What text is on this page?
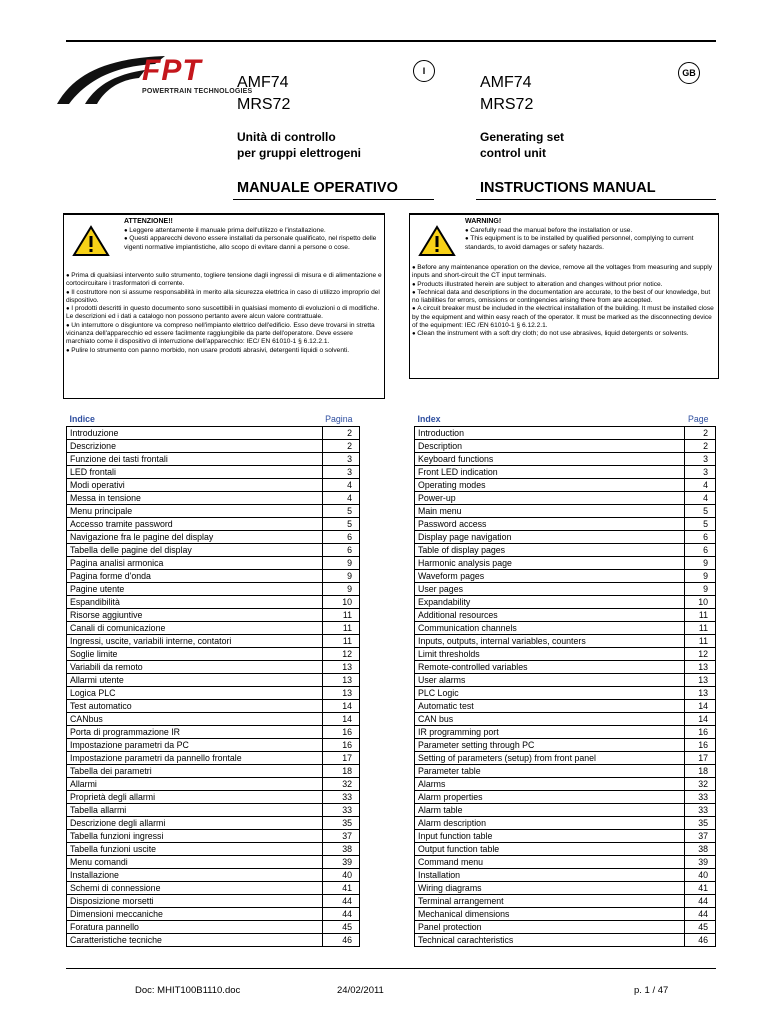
FPT
POWERTRAIN TECHNOLOGIES
AMF74
MRS72
I
Unità di controllo
per gruppi elettrogeni
MANUALE OPERATIVO
AMF74
MRS72
GB
Generating set
control unit
INSTRUCTIONS MANUAL
ATTENZIONE!!
● Leggere attentamente il manuale prima dell'utilizzo e l'installazione.
● Questi apparecchi devono essere installati da personale qualificato, nel rispetto delle vigenti normative impiantistiche, allo scopo di evitare danni a persone o cose.
● Prima di qualsiasi intervento sullo strumento, togliere tensione dagli ingressi di misura e di alimentazione e cortocircuitare i trasformatori di corrente.
● Il costruttore non si assume responsabilità in merito alla sicurezza elettrica in caso di utilizzo improprio del dispositivo.
● I prodotti descritti in questo documento sono suscettibili in qualsiasi momento di evoluzioni o di modifiche. Le descrizioni ed i dati a catalogo non possono pertanto avere alcun valore contrattuale.
● Un interruttore o disgiuntore va compreso nell'impianto elettrico dell'edificio. Esso deve trovarsi in stretta vicinanza dell'apparecchio ed essere facilmente raggiungibile da parte dell'operatore. Deve essere marchiato come il dispositivo di interruzione dell'apparecchio: IEC/ EN 61010-1 § 6.12.2.1.
● Pulire lo strumento con panno morbido, non usare prodotti abrasivi, detergenti liquidi o solventi.
WARNING!
● Carefully read the manual before the installation or use.
● This equipment is to be installed by qualified personnel, complying to current standards, to avoid damages or safety hazards.
● Before any maintenance operation on the device, remove all the voltages from measuring and supply inputs and short-circuit the CT input terminals.
● Products illustrated herein are subject to alteration and changes without prior notice.
● Technical data and descriptions in the documentation are accurate, to the best of our knowledge, but no liabilities for errors, omissions or contingencies arising there from are accepted.
● A circuit breaker must be included in the electrical installation of the building. It must be installed close by the equipment and within easy reach of the operator. It must be marked as the disconnecting device of the equipment: IEC /EN 61010-1 § 6.12.2.1.
● Clean the instrument with a soft dry cloth; do not use abrasives, liquid detergents or solvents.
Indice	Pagina
Introduzione	2
Descrizione	2
Funzione dei tasti frontali	3
LED frontali	3
Modi operativi	4
Messa in tensione	4
Menu principale	5
Accesso tramite password	5
Navigazione fra le pagine del display	6
Tabella delle pagine del display	6
Pagina analisi armonica	9
Pagina forme d'onda	9
Pagine utente	9
Espandibilità	10
Risorse aggiuntive	11
Canali di comunicazione	11
Ingressi, uscite, variabili interne, contatori	11
Soglie limite	12
Variabili da remoto	13
Allarmi utente	13
Logica PLC	13
Test automatico	14
CANbus	14
Porta di programmazione IR	16
Impostazione parametri da PC	16
Impostazione parametri da pannello frontale	17
Tabella dei parametri	18
Allarmi	32
Proprietà degli allarmi	33
Tabella allarmi	33
Descrizione degli allarmi	35
Tabella funzioni ingressi	37
Tabella funzioni uscite	38
Menu comandi	39
Installazione	40
Schemi di connessione	41
Disposizione morsetti	44
Dimensioni meccaniche	44
Foratura pannello	45
Caratteristiche tecniche	46
Index	Page
Introduction	2
Description	2
Keyboard functions	3
Front LED indication	3
Operating modes	4
Power-up	4
Main menu	5
Password access	5
Display page navigation	6
Table of display pages	6
Harmonic analysis page	9
Waveform pages	9
User pages	9
Expandability	10
Additional resources	11
Communication channels	11
Inputs, outputs, internal variables, counters	11
Limit thresholds	12
Remote-controlled variables	13
User alarms	13
PLC Logic	13
Automatic test	14
CAN bus	14
IR programming port	16
Parameter setting through PC	16
Setting of parameters (setup) from front panel	17
Parameter table	18
Alarms	32
Alarm properties	33
Alarm table	33
Alarm description	35
Input function table	37
Output function table	38
Command menu	39
Installation	40
Wiring diagrams	41
Terminal arrangement	44
Mechanical dimensions	44
Panel protection	45
Technical carachteristics	46
Doc: MHIT100B1110.doc	24/02/2011	p. 1 / 47
